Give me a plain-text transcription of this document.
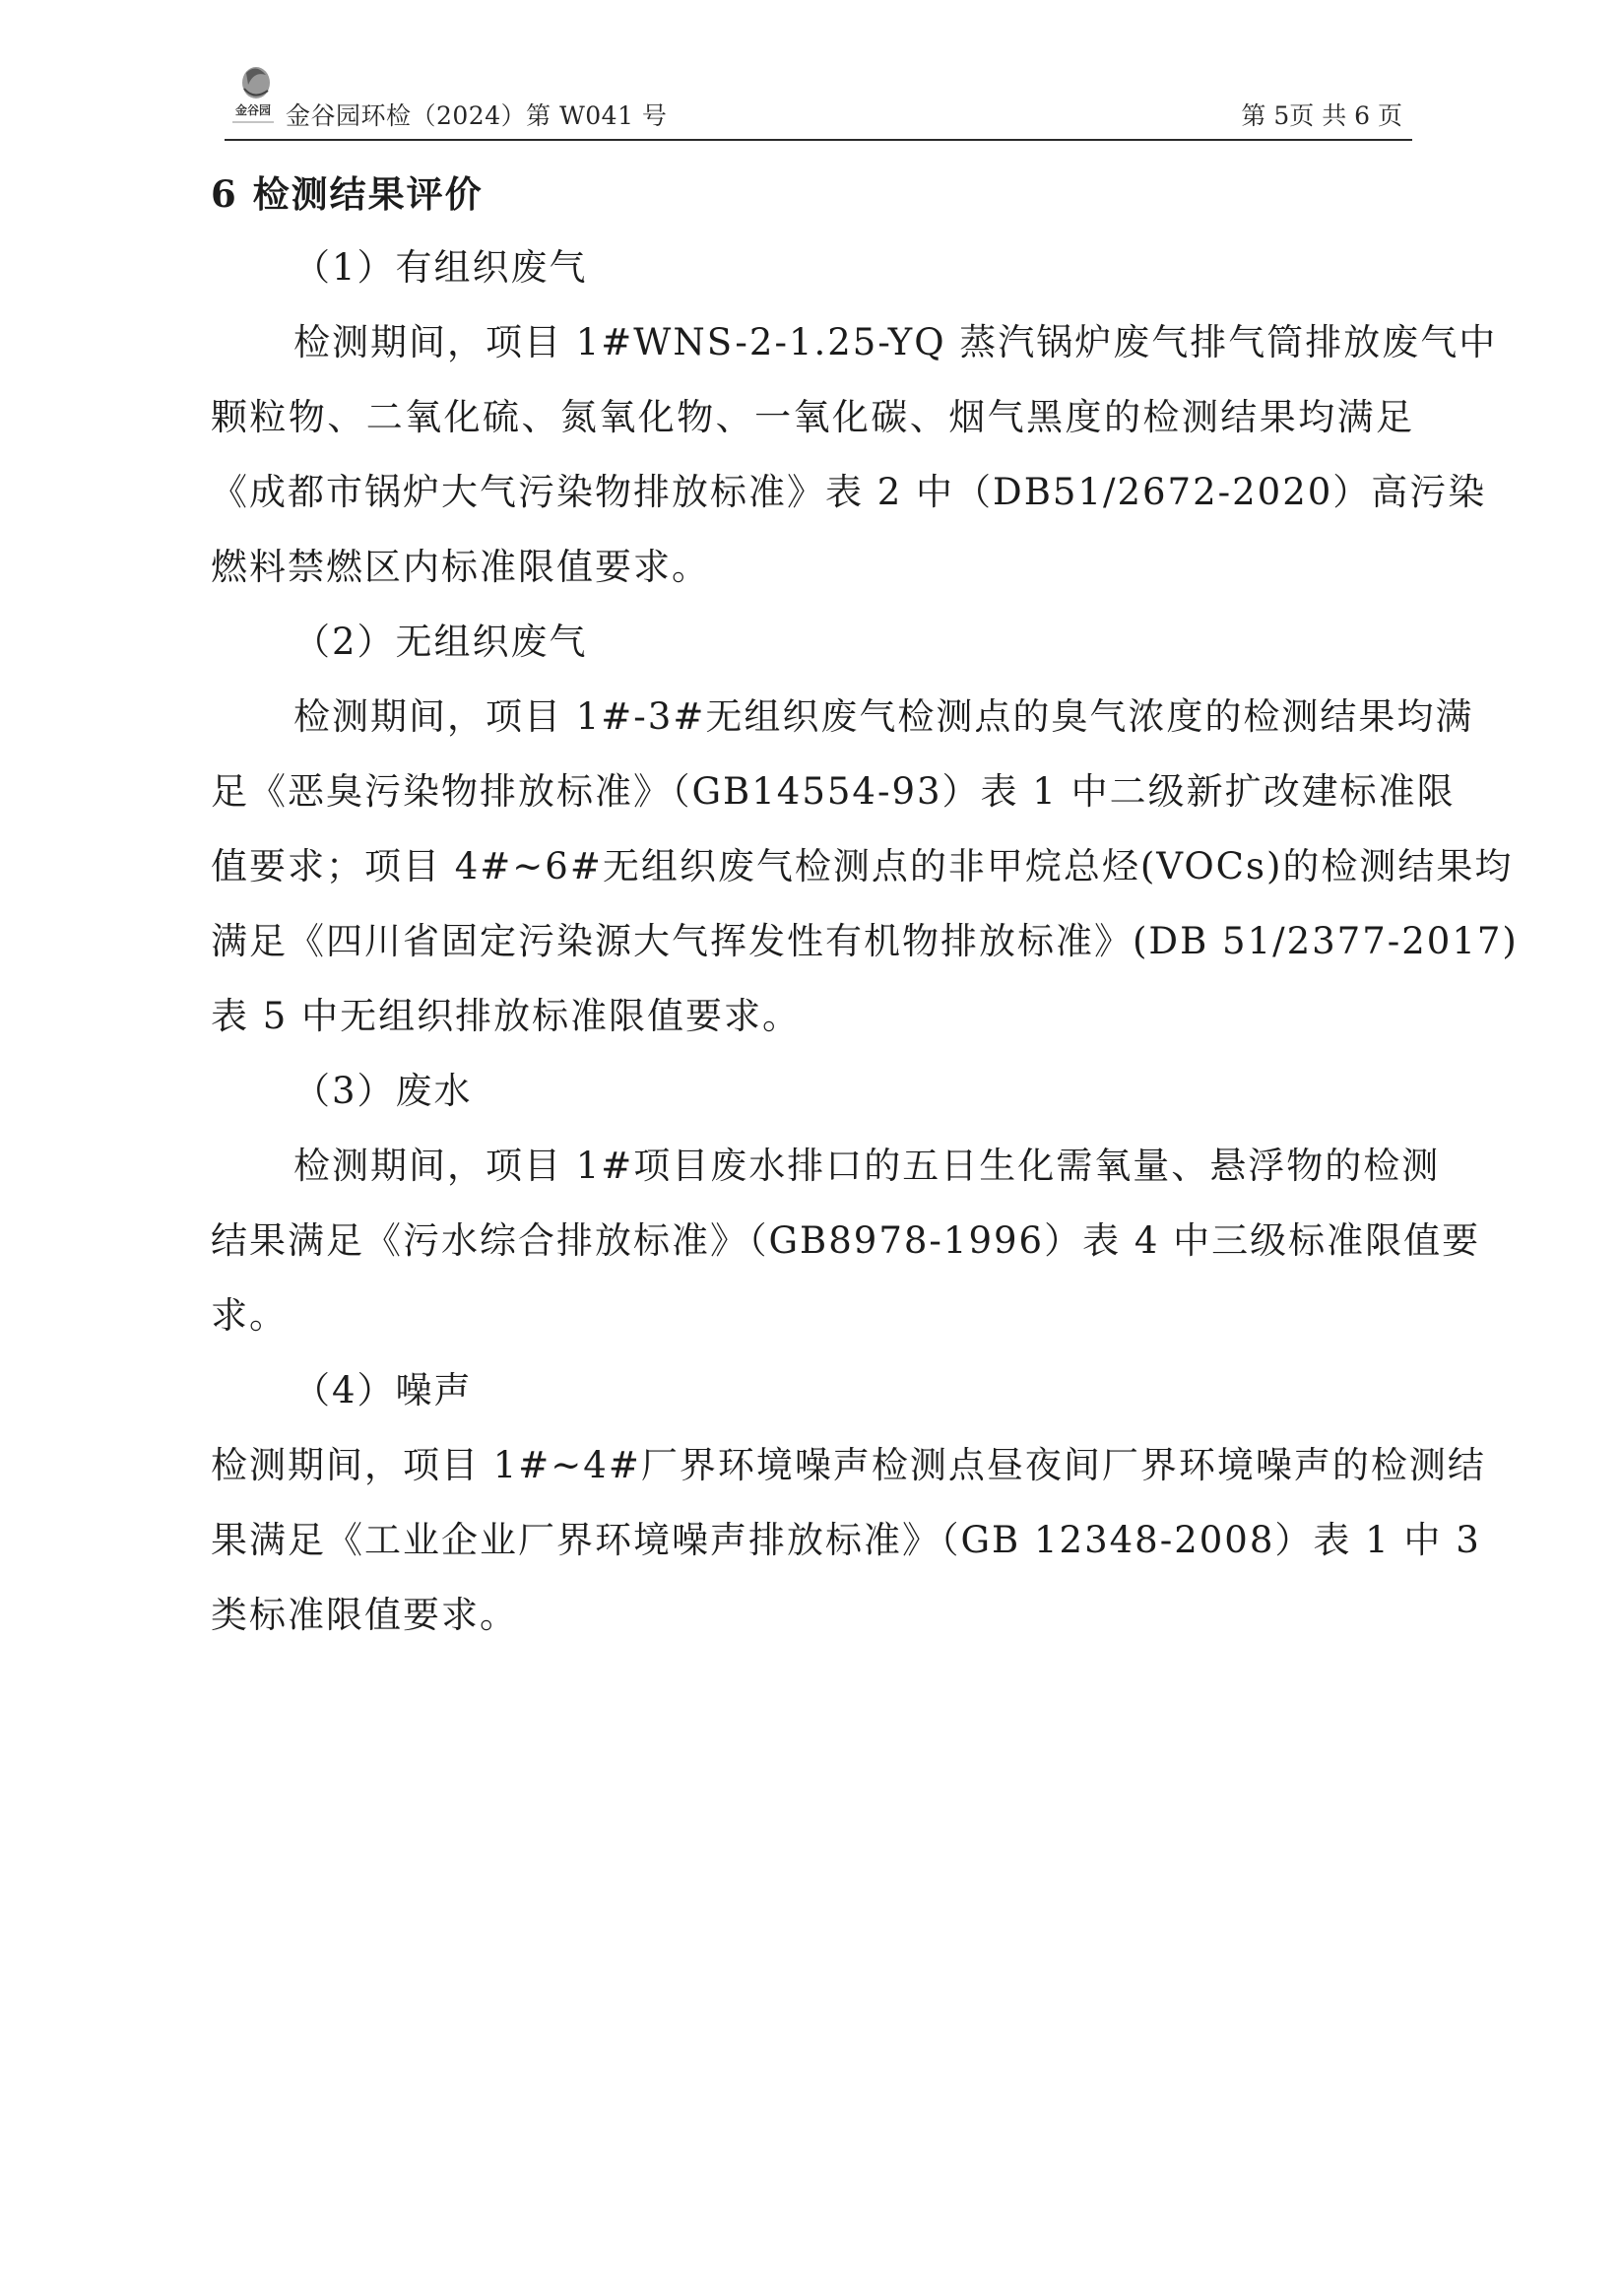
金谷园 金谷园环检（2024）第 W041 号	第 5页 共 6 页
6 检测结果评价

（1）有组织废气

检测期间，项目 1#WNS-2-1.25-YQ 蒸汽锅炉废气排气筒排放废气中
颗粒物、二氧化硫、氮氧化物、一氧化碳、烟气黑度的检测结果均满足
《成都市锅炉大气污染物排放标准》表 2 中（DB51/2672-2020）高污染
燃料禁燃区内标准限值要求。

（2）无组织废气

检测期间，项目 1#-3#无组织废气检测点的臭气浓度的检测结果均满
足《恶臭污染物排放标准》（GB14554-93）表 1 中二级新扩改建标准限
值要求；项目 4#~6#无组织废气检测点的非甲烷总烃(VOCs)的检测结果均
满足《四川省固定污染源大气挥发性有机物排放标准》(DB 51/2377-2017)
表 5 中无组织排放标准限值要求。

（3）废水

检测期间，项目 1#项目废水排口的五日生化需氧量、悬浮物的检测
结果满足《污水综合排放标准》（GB8978-1996）表 4 中三级标准限值要
求。

（4）噪声

检测期间，项目 1#~4#厂界环境噪声检测点昼夜间厂界环境噪声的检测结
果满足《工业企业厂界环境噪声排放标准》（GB 12348-2008）表 1 中 3
类标准限值要求。
